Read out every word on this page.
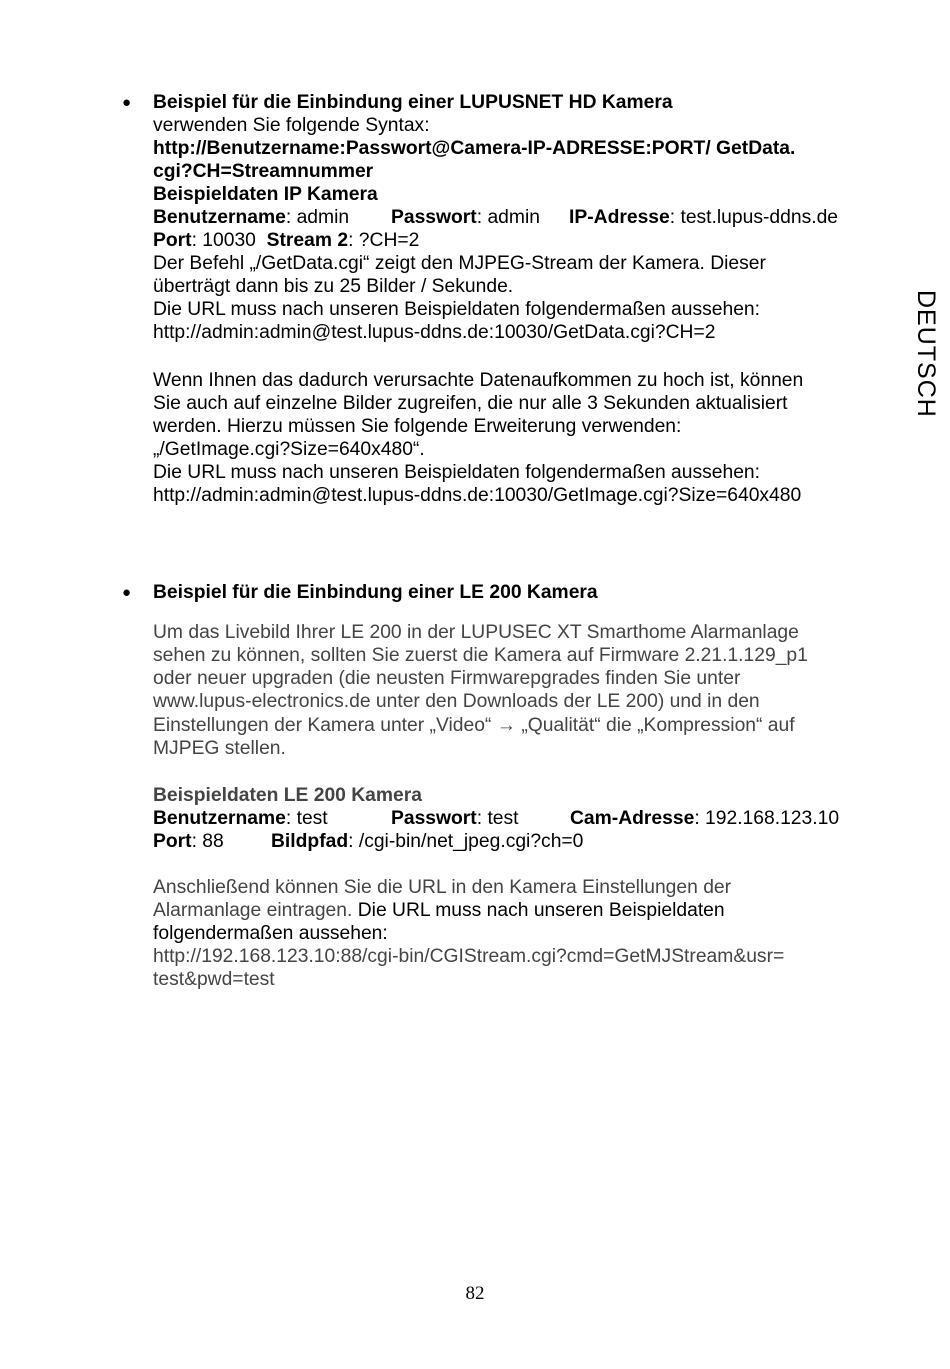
DEUTSCH
● Beispiel für die Einbindung einer LUPUSNET HD Kamera
verwenden Sie folgende Syntax:
http://Benutzername:Passwort@Camera-IP-ADRESSE:PORT/ GetData.
cgi?CH=Streamnummer
Beispieldaten IP Kamera
Benutzername: admin Passwort: admin IP-Adresse: test.lupus-ddns.de
Port: 10030 Stream 2: ?CH=2
Der Befehl „/GetData.cgi“ zeigt den MJPEG-Stream der Kamera. Dieser
überträgt dann bis zu 25 Bilder / Sekunde.
Die URL muss nach unseren Beispieldaten folgendermaßen aussehen:
http://admin:admin@test.lupus-ddns.de:10030/GetData.cgi?CH=2
Wenn Ihnen das dadurch verursachte Datenaufkommen zu hoch ist, können
Sie auch auf einzelne Bilder zugreifen, die nur alle 3 Sekunden aktualisiert
werden. Hierzu müssen Sie folgende Erweiterung verwenden:
„/GetImage.cgi?Size=640x480“.
Die URL muss nach unseren Beispieldaten folgendermaßen aussehen:
http://admin:admin@test.lupus-ddns.de:10030/GetImage.cgi?Size=640x480
● Beispiel für die Einbindung einer LE 200 Kamera
Um das Livebild Ihrer LE 200 in der LUPUSEC XT Smarthome Alarmanlage
sehen zu können, sollten Sie zuerst die Kamera auf Firmware 2.21.1.129_p1
oder neuer upgraden (die neusten Firmwarepgrades finden Sie unter
www.lupus-electronics.de unter den Downloads der LE 200) und in den
Einstellungen der Kamera unter „Video“ → „Qualität“ die „Kompression“ auf
MJPEG stellen.
Beispieldaten LE 200 Kamera
Benutzername: test	Passwort: test	Cam-Adresse: 192.168.123.10
Port: 88 Bildpfad: /cgi-bin/net_jpeg.cgi?ch=0
Anschließend können Sie die URL in den Kamera Einstellungen der
Alarmanlage eintragen. Die URL muss nach unseren Beispieldaten
folgendermaßen aussehen:
http://192.168.123.10:88/cgi-bin/CGIStream.cgi?cmd=GetMJStream&usr=
test&pwd=test
82
